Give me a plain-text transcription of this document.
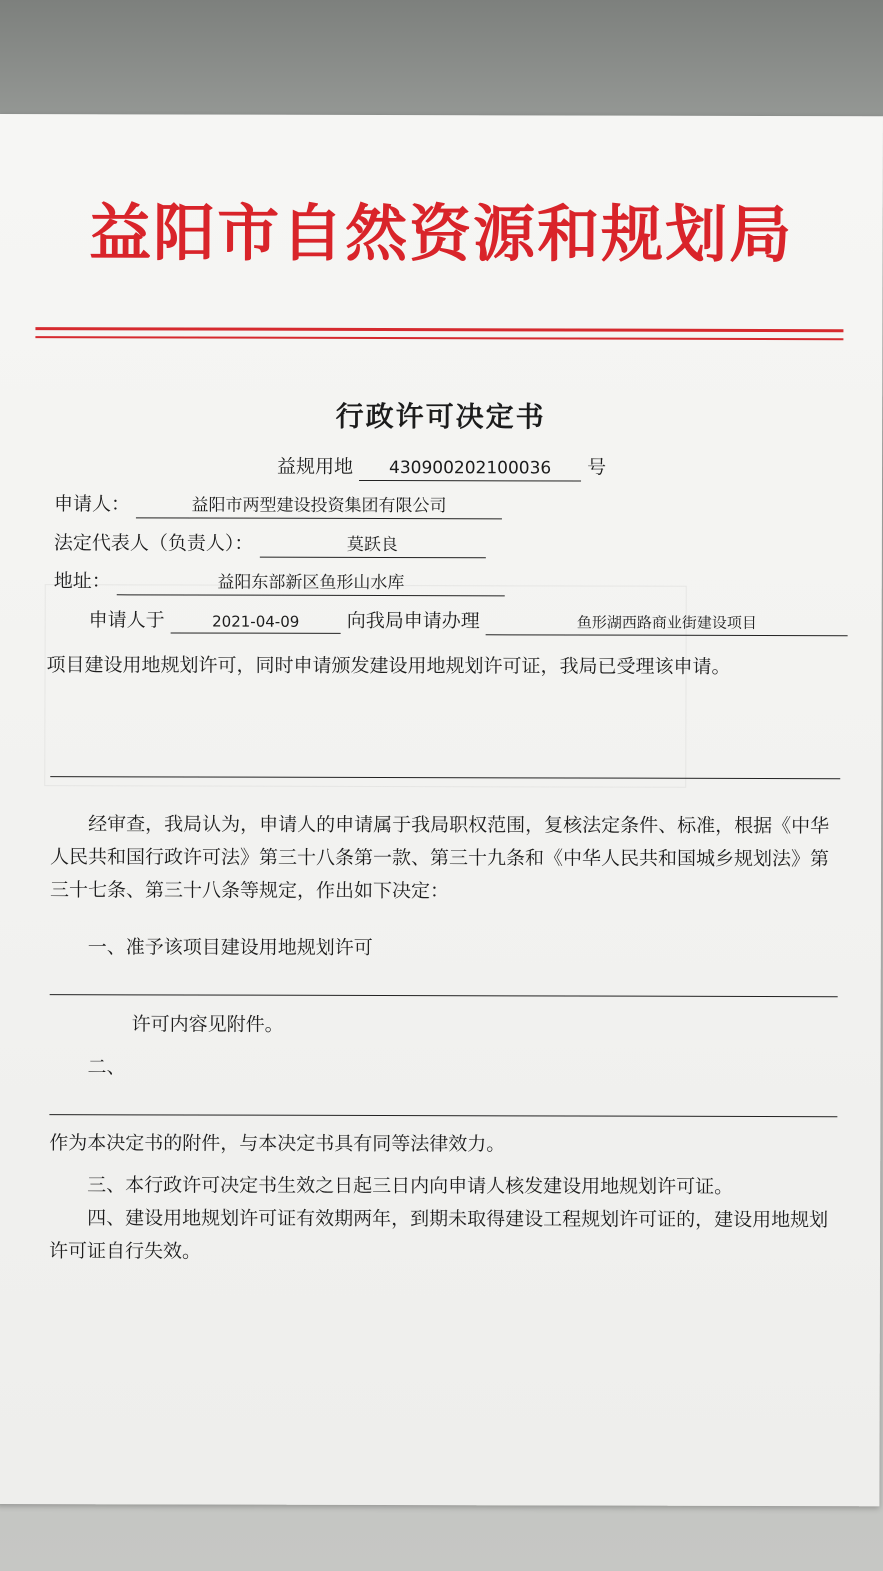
益阳市自然资源和规划局
行政许可决定书
益规用地 430900202100036 号
申请人：	益阳市两型建设投资集团有限公司
法定代表人（负责人）：	莫跃良
地址：	益阳东部新区鱼形山水库
申请人于	2021-04-09 向我局申请办理	鱼形湖西路商业街建设项目
项目建设用地规划许可，同时申请颁发建设用地规划许可证，我局已受理该申请。
经审查，我局认为，申请人的申请属于我局职权范围，复核法定条件、标准，根据《中华人民共和国行政许可法》第三十八条第一款、第三十九条和《中华人民共和国城乡规划法》第三十七条、第三十八条等规定，作出如下决定：
一、准予该项目建设用地规划许可
许可内容见附件。
二、
作为本决定书的附件，与本决定书具有同等法律效力。
三、本行政许可决定书生效之日起三日内向申请人核发建设用地规划许可证。
四、建设用地规划许可证有效期两年，到期未取得建设工程规划许可证的，建设用地规划许可证自行失效。
